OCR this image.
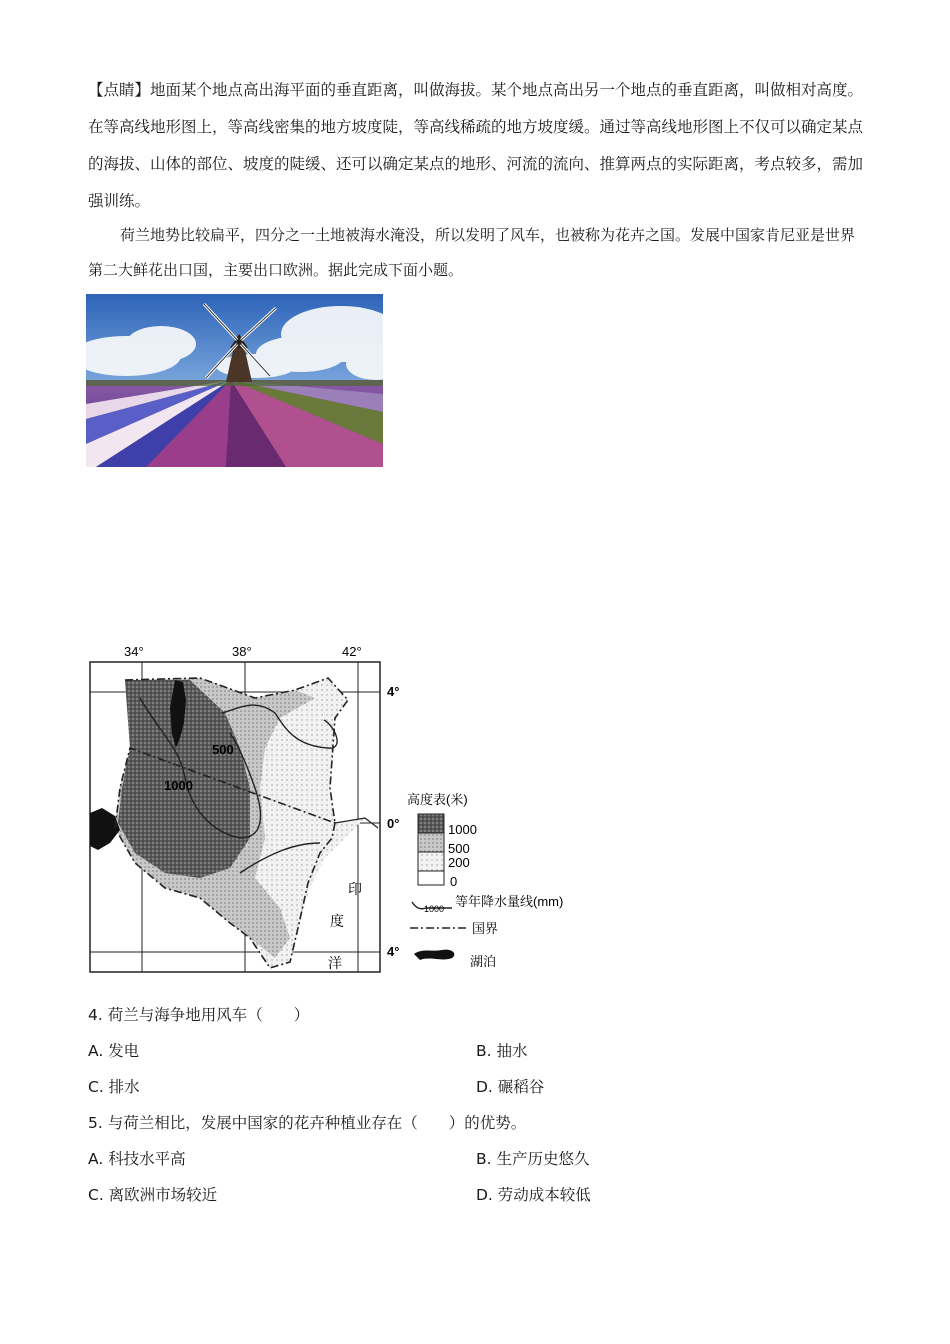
【点睛】地面某个地点高出海平面的垂直距离，叫做海拔。某个地点高出另一个地点的垂直距离，叫做相对高度。在等高线地形图上，等高线密集的地方坡度陡，等高线稀疏的地方坡度缓。通过等高线地形图上不仅可以确定某点的海拔、山体的部位、坡度的陡缓、还可以确定某点的地形、河流的流向、推算两点的实际距离，考点较多，需加强训练。

荷兰地势比较扁平，四分之一土地被海水淹没，所以发明了风车，也被称为花卉之国。发展中国家肯尼亚是世界第二大鲜花出口国，主要出口欧洲。据此完成下面小题。

34°	38°	42°
4°
0°
4°
500
1000
印
度
洋
高度表(米)
1000
500
200
0
1000 等年降水量线(mm)
国界
湖泊

4. 荷兰与海争地用风车（　　）

A. 发电	B. 抽水

C. 排水	D. 碾稻谷

5. 与荷兰相比，发展中国家的花卉种植业存在（　　）的优势。

A. 科技水平高	B. 生产历史悠久

C. 离欧洲市场较近	D. 劳动成本较低
